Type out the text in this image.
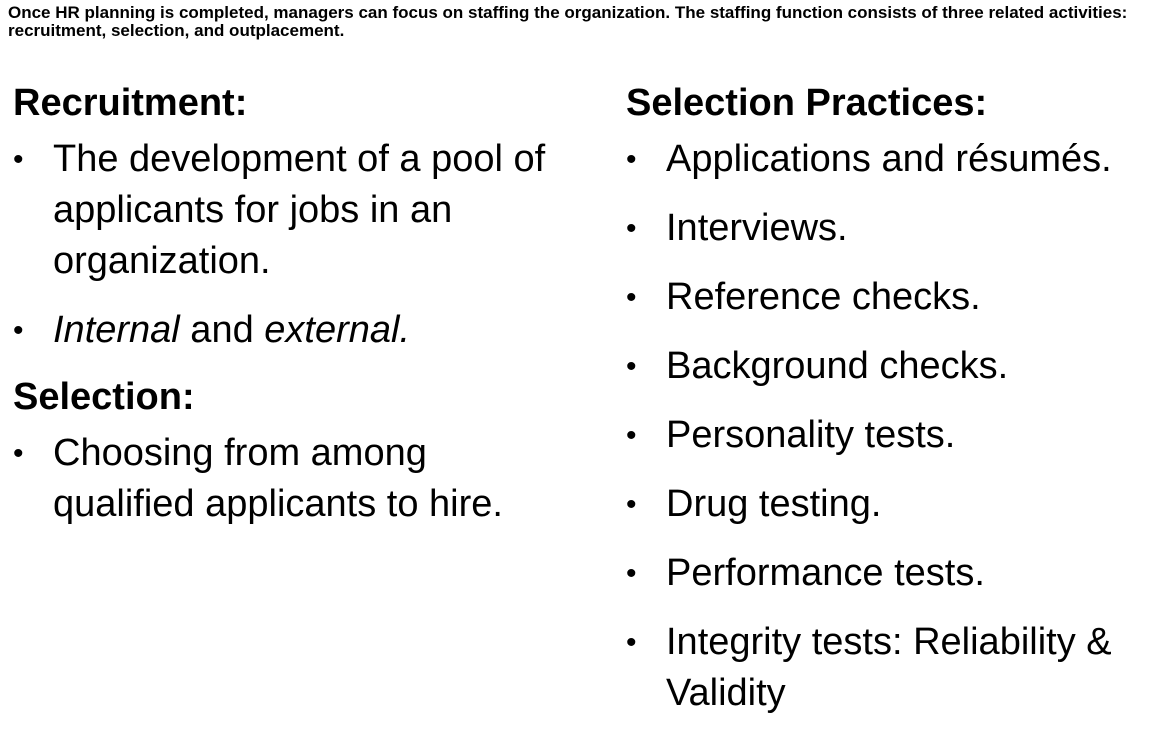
Once HR planning is completed, managers can focus on staffing the organization. The staffing function consists of three related activities: recruitment, selection, and outplacement.
Recruitment:
• The development of a pool of applicants for jobs in an organization.
• Internal and external.
Selection:
• Choosing from among qualified applicants to hire.
Selection Practices:
• Applications and résumés.
• Interviews.
• Reference checks.
• Background checks.
• Personality tests.
• Drug testing.
• Performance tests.
• Integrity tests: Reliability & Validity
